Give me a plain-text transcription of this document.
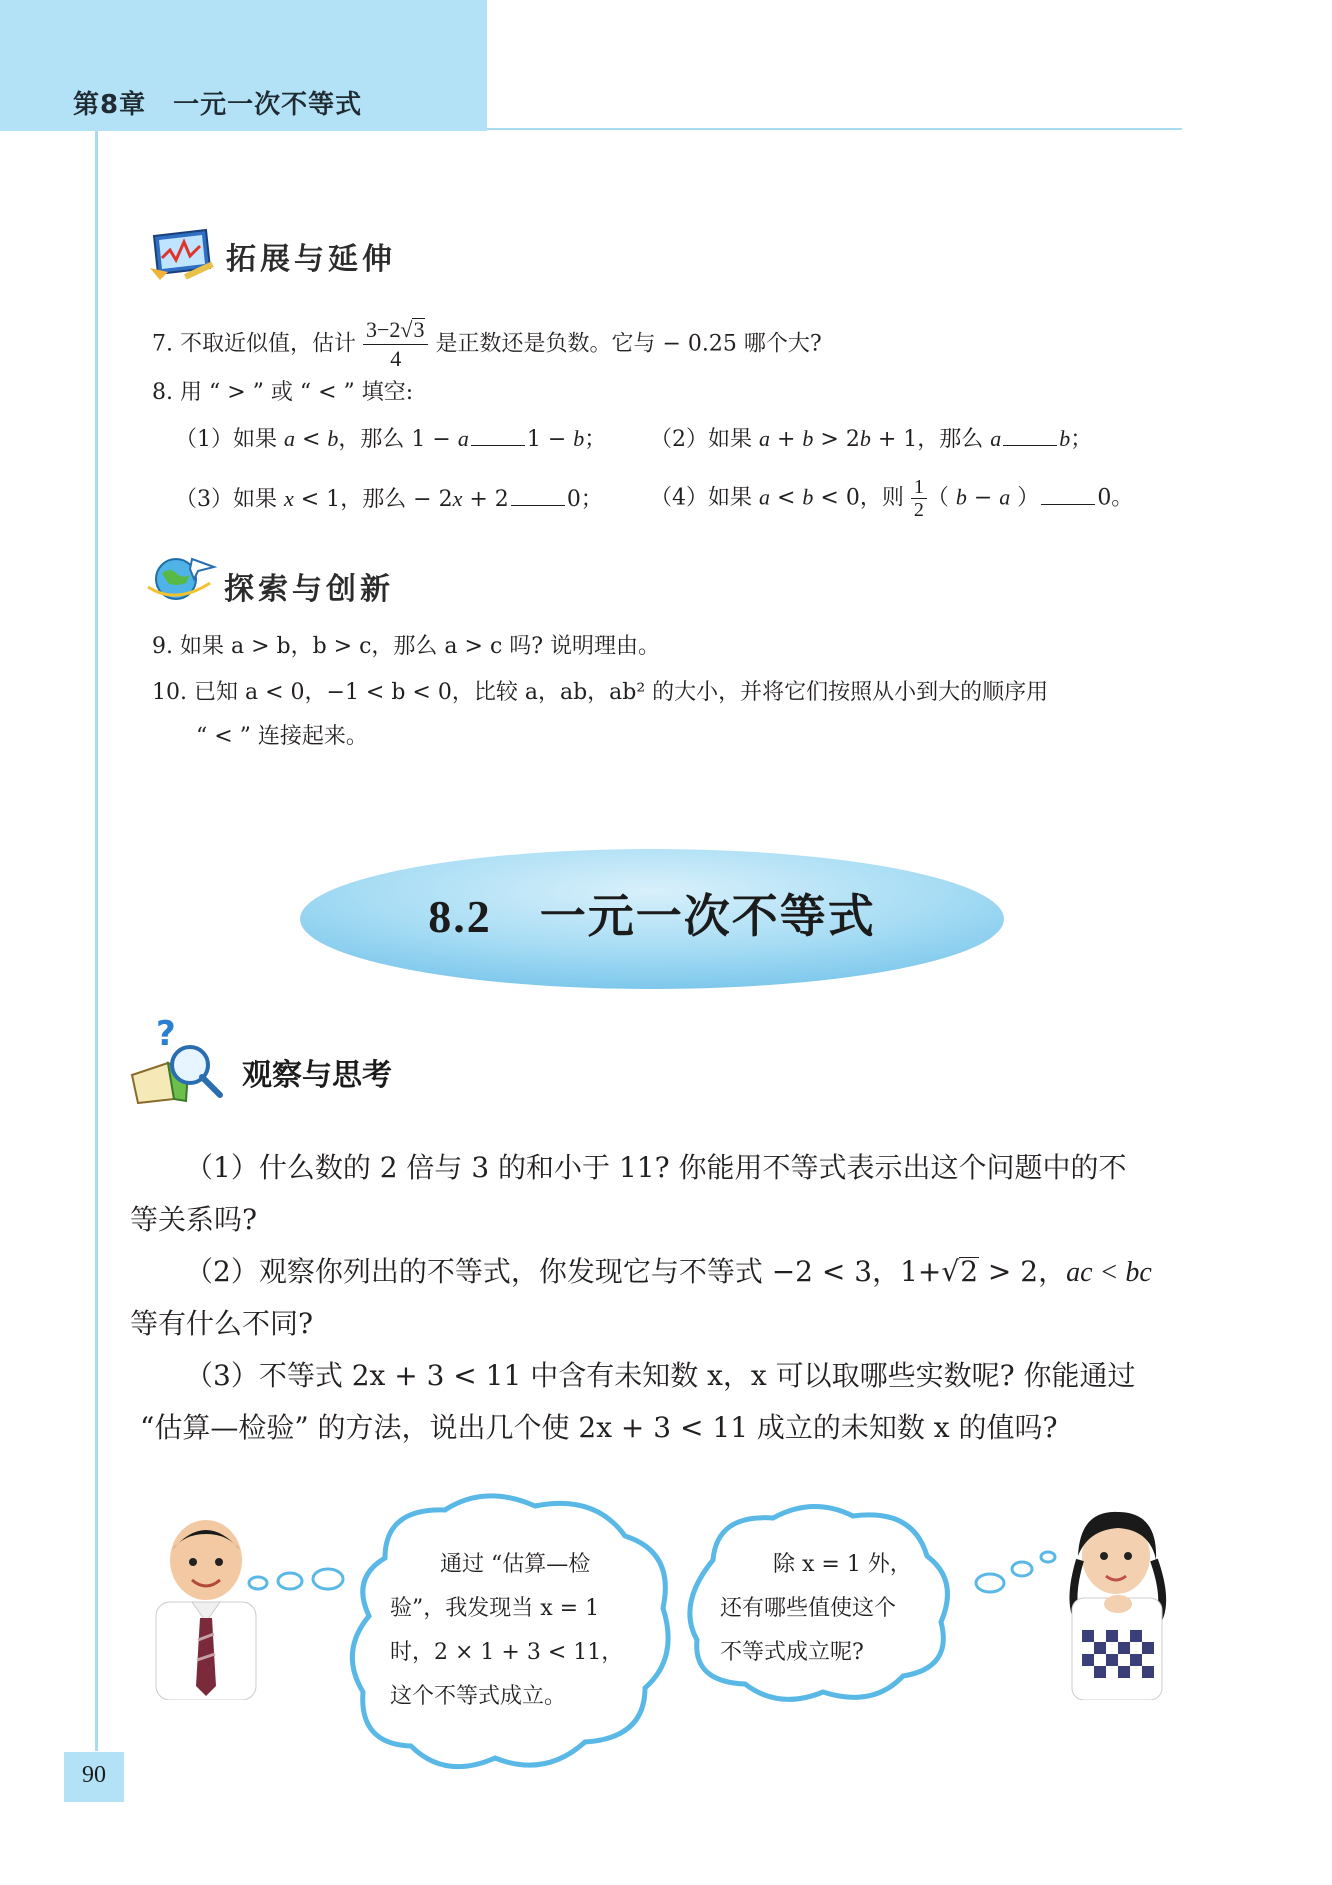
第8章　一元一次不等式
拓展与延伸
7. 不取近似值，估计 $\frac{3-2√3}{4}$ 是正数还是负数。它与 − 0.25 哪个大?
8. 用 “ > ” 或 “ < ” 填空:
（1）如果 a < b，那么 1 − a	1 − b； （2）如果 a + b > 2b + 1，那么 a	b；
（3）如果 x < 1，那么 − 2x + 2	0； （4）如果 a < b < 0，则 $\frac{1}{2}$ （ b − a ）	0。
探索与创新
9. 如果 a > b，b > c，那么 a > c 吗? 说明理由。
10. 已知 a < 0，−1 < b < 0，比较 a，ab，ab² 的大小，并将它们按照从小到大的顺序用
“ < ” 连接起来。
8.2　一元一次不等式
?
观察与思考
（1）什么数的 2 倍与 3 的和小于 11? 你能用不等式表示出这个问题中的不
等关系吗?
（2）观察你列出的不等式，你发现它与不等式 −2 < 3，1+√2 > 2，ac < bc
等有什么不同?
（3）不等式 2x + 3 < 11 中含有未知数 x，x 可以取哪些实数呢? 你能通过
“估算—检验” 的方法，说出几个使 2x + 3 < 11 成立的未知数 x 的值吗?
通过 “估算—检
验”，我发现当 x = 1
时，2 × 1 + 3 < 11，
这个不等式成立。
除 x = 1 外，
还有哪些值使这个
不等式成立呢?
90
